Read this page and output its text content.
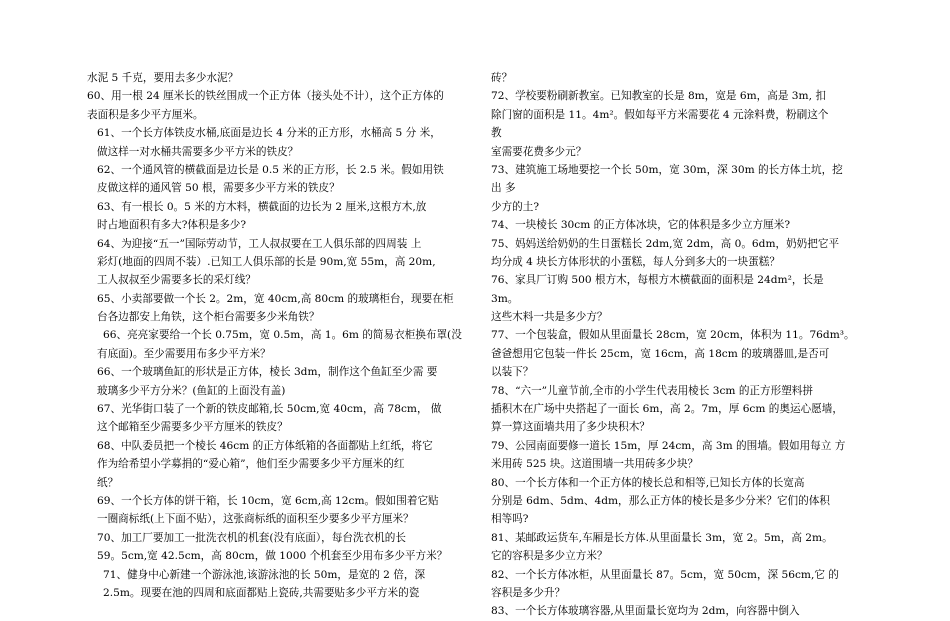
水泥 5 千克，要用去多少水泥？
60、用一根 24 厘米长的铁丝围成一个正方体（接头处不计），这个正方体的
表面积是多少平方厘米。
61、一个长方体铁皮水桶,底面是边长 4 分米的正方形，水桶高 5 分 米，
做这样一对水桶共需要多少平方米的铁皮？
62、一个通风管的横截面是边长是 0.5 米的正方形，长 2.5 米。假如用铁
皮做这样的通风管 50 根，需要多少平方米的铁皮？
63、有一根长 0。5 米的方木料，横截面的边长为 2 厘米,这根方木,放
时占地面积有多大?体积是多少?
64、为迎接“五一”国际劳动节，工人叔叔要在工人俱乐部的四周装 上
彩灯(地面的四周不装）.已知工人俱乐部的长是 90m,宽 55m，高 20m,
工人叔叔至少需要多长的采灯线？
65、小卖部要做一个长 2。2m，宽 40cm,高 80cm 的玻璃柜台，现要在柜
台各边都安上角铁，这个柜台需要多少米角铁？
66、亮亮家要给一个长 0.75m，宽 0.5m，高 1。6m 的简易衣柜换布罩(没
有底面)。至少需要用布多少平方米？
66、一个玻璃鱼缸的形状是正方体，棱长 3dm，制作这个鱼缸至少需 要
玻璃多少平方分米？(鱼缸的上面没有盖)
67、光华街口装了一个新的铁皮邮箱,长 50cm,宽 40cm，高 78cm， 做
这个邮箱至少需要多少平方厘米的铁皮？
68、中队委员把一个棱长 46cm 的正方体纸箱的各面都贴上红纸，将它
作为给希望小学募捐的“爱心箱”，他们至少需要多少平方厘米的红
纸？
69、一个长方体的饼干箱，长 10cm，宽 6cm,高 12cm。假如围着它贴
一圈商标纸(上下面不贴），这张商标纸的面积至少要多少平方厘米？
70、加工厂要加工一批洗衣机的机套(没有底面），每台洗衣机的长
59。5cm,宽 42.5cm，高 80cm，做 1000 个机套至少用布多少平方米？
71、健身中心新建一个游泳池,该游泳池的长 50m，是宽的 2 倍，深
2.5m。现要在池的四周和底面都贴上瓷砖,共需要贴多少平方米的瓷
砖？
72、学校要粉刷新教室。已知教室的长是 8m，宽是 6m，高是 3m, 扣
除门窗的面积是 11。4m²。假如每平方米需要花 4 元涂料费，粉刷这个
教
室需要花费多少元？
73、建筑施工场地要挖一个长 50m，宽 30m，深 30m 的长方体土坑，挖
出 多
少方的土?
74、一块棱长 30cm 的正方体冰块，它的体积是多少立方厘米?
75、妈妈送给奶奶的生日蛋糕长 2dm,宽 2dm，高 0。6dm，奶奶把它平
均分成 4 块长方体形状的小蛋糕，每人分到多大的一块蛋糕？
76、家具厂订购 500 根方木，每根方木横截面的面积是 24dm²，长是
3m。
这些木料一共是多少方？
77、一个包装盒，假如从里面量长 28cm，宽 20cm，体积为 11。76dm³。
爸爸想用它包装一件长 25cm，宽 16cm，高 18cm 的玻璃器皿,是否可
以装下？
78、“六一”儿童节前,全市的小学生代表用棱长 3cm 的正方形塑料拼
插积木在广场中央搭起了一面长 6m，高 2。7m，厚 6cm 的奥运心愿墙，
算一算这面墙共用了多少块积木？
79、公园南面要修一道长 15m，厚 24cm，高 3m 的围墙。假如用每立 方
米用砖 525 块。这道围墙一共用砖多少块？
80、一个长方体和一个正方体的棱长总和相等,已知长方体的长宽高
分别是 6dm、5dm、4dm，那么正方体的棱长是多少分米？它们的体积
相等吗?
81、某邮政运货车,车厢是长方体.从里面量长 3m，宽 2。5m，高 2m。
它的容积是多少立方米？
82、一个长方体冰柜，从里面量长 87。5cm，宽 50cm，深 56cm,它 的
容积是多少升？
83、一个长方体玻璃容器,从里面量长宽均为 2dm，向容器中倒入
